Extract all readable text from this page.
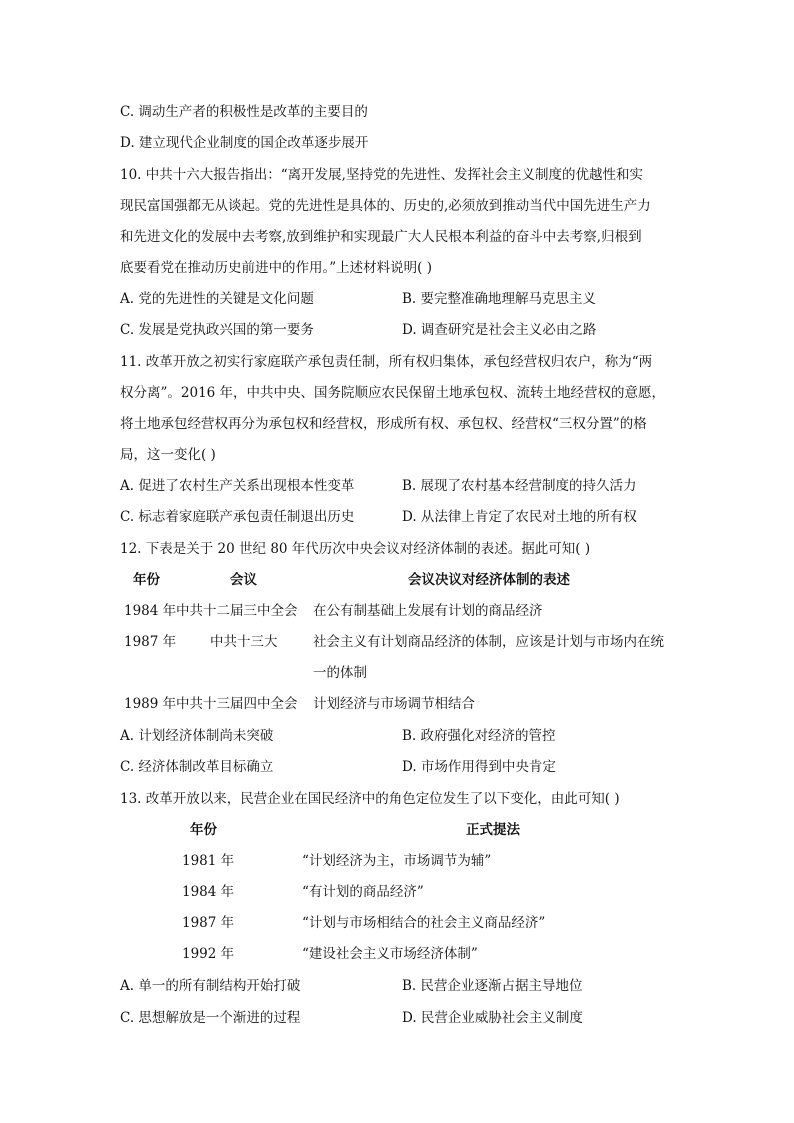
C. 调动生产者的积极性是改革的主要目的
D. 建立现代企业制度的国企改革逐步展开
10. 中共十六大报告指出：“离开发展,坚持党的先进性、发挥社会主义制度的优越性和实
现民富国强都无从谈起。党的先进性是具体的、历史的,必须放到推动当代中国先进生产力
和先进文化的发展中去考察,放到维护和实现最广大人民根本利益的奋斗中去考察,归根到
底要看党在推动历史前进中的作用。”上述材料说明( )
A. 党的先进性的关键是文化问题	B. 要完整准确地理解马克思主义
C. 发展是党执政兴国的第一要务	D. 调查研究是社会主义必由之路
11. 改革开放之初实行家庭联产承包责任制，所有权归集体，承包经营权归农户，称为“两
权分离”。2016 年，中共中央、国务院顺应农民保留土地承包权、流转土地经营权的意愿，
将土地承包经营权再分为承包权和经营权，形成所有权、承包权、经营权“三权分置”的格
局，这一变化( )
A. 促进了农村生产关系出现根本性变革	B. 展现了农村基本经营制度的持久活力
C. 标志着家庭联产承包责任制退出历史	D. 从法律上肯定了农民对土地的所有权
12. 下表是关于 20 世纪 80 年代历次中央会议对经济体制的表述。据此可知( )
年份	会议	会议决议对经济体制的表述
1984 年 中共十二届三中全会 在公有制基础上发展有计划的商品经济
1987 年	中共十三大	社会主义有计划商品经济的体制，应该是计划与市场内在统
一的体制
1989 年 中共十三届四中全会 计划经济与市场调节相结合
A. 计划经济体制尚未突破	B. 政府强化对经济的管控
C. 经济体制改革目标确立	D. 市场作用得到中央肯定
13. 改革开放以来，民营企业在国民经济中的角色定位发生了以下变化，由此可知( )
年份	正式提法
1981 年	“计划经济为主，市场调节为辅”
1984 年	“有计划的商品经济”
1987 年	“计划与市场相结合的社会主义商品经济”
1992 年	“建设社会主义市场经济体制”
A. 单一的所有制结构开始打破	B. 民营企业逐渐占据主导地位
C. 思想解放是一个渐进的过程	D. 民营企业威胁社会主义制度
